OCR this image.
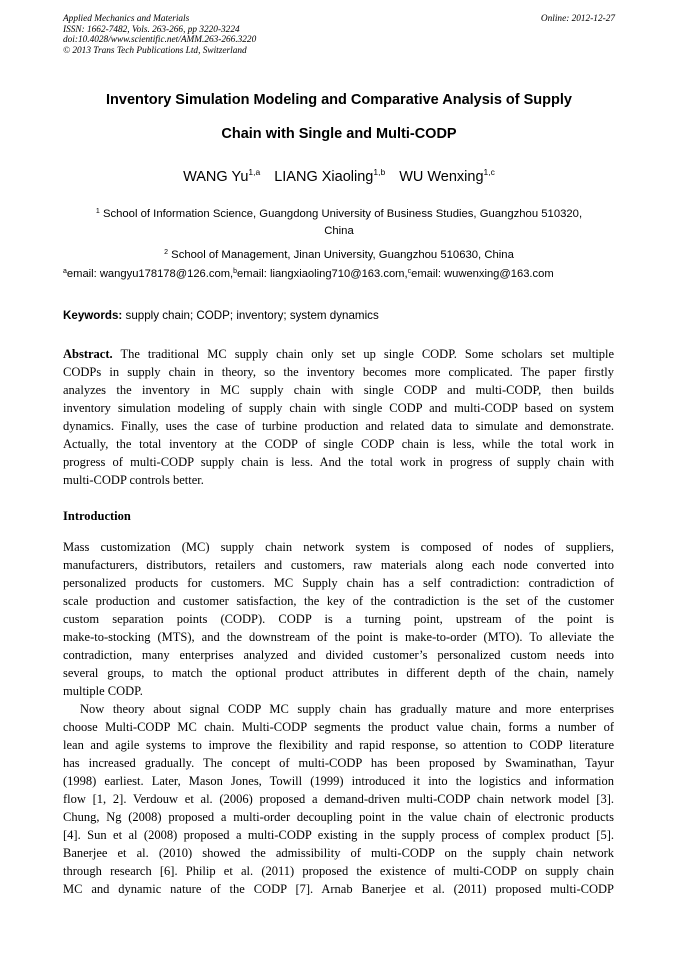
Applied Mechanics and Materials
ISSN: 1662-7482, Vols. 263-266, pp 3220-3224
doi:10.4028/www.scientific.net/AMM.263-266.3220
© 2013 Trans Tech Publications Ltd, Switzerland
Online: 2012-12-27
Inventory Simulation Modeling and Comparative Analysis of Supply
Chain with Single and Multi-CODP
WANG Yu$^{1,a}$ LIANG Xiaoling$^{1,b}$ WU Wenxing$^{1,c}$
$^1$ School of Information Science, Guangdong University of Business Studies, Guangzhou 510320,
China
$^2$ School of Management, Jinan University, Guangzhou 510630, China
$^a$email: wangyu178178@126.com,$^b$email: liangxiaoling710@163.com,$^c$email: wuwenxing@163.com
Keywords: supply chain; CODP; inventory; system dynamics
Abstract. The traditional MC supply chain only set up single CODP. Some scholars set multiple
CODPs in supply chain in theory, so the inventory becomes more complicated. The paper firstly
analyzes the inventory in MC supply chain with single CODP and multi-CODP, then builds
inventory simulation modeling of supply chain with single CODP and multi-CODP based on system
dynamics. Finally, uses the case of turbine production and related data to simulate and demonstrate.
Actually, the total inventory at the CODP of single CODP chain is less, while the total work in
progress of multi-CODP supply chain is less. And the total work in progress of supply chain with
multi-CODP controls better.
Introduction
Mass customization (MC) supply chain network system is composed of nodes of suppliers,
manufacturers, distributors, retailers and customers, raw materials along each node converted into
personalized products for customers. MC Supply chain has a self contradiction: contradiction of
scale production and customer satisfaction, the key of the contradiction is the set of the customer
custom separation points (CODP). CODP is a turning point, upstream of the point is
make-to-stocking (MTS), and the downstream of the point is make-to-order (MTO). To alleviate the
contradiction, many enterprises analyzed and divided customer’s personalized custom needs into
several groups, to match the optional product attributes in different depth of the chain, namely
multiple CODP.
Now theory about signal CODP MC supply chain has gradually mature and more enterprises
choose Multi-CODP MC chain. Multi-CODP segments the product value chain, forms a number of
lean and agile systems to improve the flexibility and rapid response, so attention to CODP literature
has increased gradually. The concept of multi-CODP has been proposed by Swaminathan, Tayur
(1998) earliest. Later, Mason Jones, Towill (1999) introduced it into the logistics and information
flow [1, 2]. Verdouw et al. (2006) proposed a demand-driven multi-CODP chain network model [3].
Chung, Ng (2008) proposed a multi-order decoupling point in the value chain of electronic products
[4]. Sun et al (2008) proposed a multi-CODP existing in the supply process of complex product [5].
Banerjee et al. (2010) showed the admissibility of multi-CODP on the supply chain network
through research [6]. Philip et al. (2011) proposed the existence of multi-CODP on supply chain
MC and dynamic nature of the CODP [7]. Arnab Banerjee et al. (2011) proposed multi-CODP
